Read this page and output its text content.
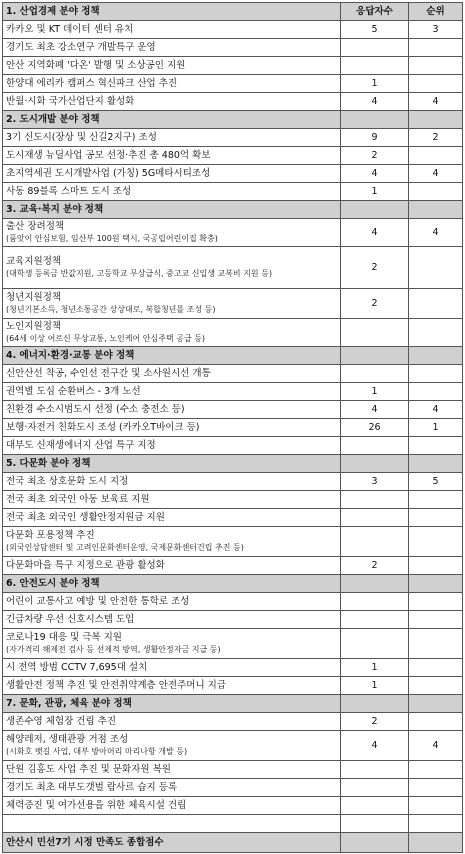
1. 산업경제 분야 정책	응답자수	순위

카카오 및 KT 데이터 센터 유치	5	3

경기도 최초 강소연구 개발특구 운영		

안산 지역화폐 '다온' 발행 및 소상공인 지원		

한양대 에리카 캠퍼스 혁신파크 산업 추진	1	

반월·시화 국가산업단지 활성화	4	4
2. 도시개발 분야 정책		

3기 신도시(장상 및 신길2지구) 조성	9	2

도시재생 뉴딜사업 공모 선정·추진 총 480억 확보	2	

초지역세권 도시개발사업 (가칭) 5G메타시티조성	4	4

사동 89블록 스마트 도시 조성	1	
3. 교육·복지 분야 정책		

출산 장려정책
(품앗이 안심보험, 임산부 100원 택시, 국공립어린이집 확충)	4	4

교육지원정책
(대학생 등록금 반값지원, 고등학교 무상급식, 중고교 신입생 교복비 지원 등)	2	

청년지원정책
(청년기본소득, 청년소통공간 상상대로, 복합청년몰 조성 등)	2	

노인지원정책
(64세 이상 어르신 무상교통, 노인케어 안심주택 공급 등)		

4. 에너지·환경·교통 분야 정책		

신안산선 착공, 수인선 전구간 및 소사원시선 개통		

권역별 도심 순환버스 - 3개 노선	1	

친환경 수소시범도시 선정 (수소 충전소 등)	4	4

보행·자전거 친화도시 조성 (카카오T바이크 등)	26	1

대부도 신재생에너지 산업 특구 지정		

5. 다문화 분야 정책		

전국 최초 상호문화 도시 지정	3	5

전국 최초 외국인 아동 보육료 지원		

전국 최초 외국인 생활안정지원금 지원		

다문화 포용정책 추진
(외국인상담센터 및 고려인문화센터운영, 국제문화센터건립 추진 등)		

다문화마을 특구 지정으로 관광 활성화	2	
6. 안전도시 분야 정책		

어린이 교통사고 예방 및 안전한 통학로 조성		

긴급차량 우선 신호시스템 도입		

코로나19 대응 및 극복 지원
(자가격리 해제전 검사 등 선제적 방역, 생활안정자금 지급 등)		

시 전역 방범 CCTV 7,695대 설치	1	

생활안전 정책 추진 및 안전취약계층 안전주머니 지급	1	
7. 문화, 관광, 체육 분야 정책		

생존수영 체험장 건립 추진	2	

해양레저, 생태관광 거점 조성
(시화호 뱃길 사업, 대부 방아머리 마리나항 개발 등)	4	4

단원 김홍도 사업 추진 및 문화자원 복원		

경기도 최초 대부도갯벌 람사르 습지 등록		

체력증진 및 여가선용을 위한 체육시설 건립		

안산시 민선7기 시정 만족도 종합점수		
